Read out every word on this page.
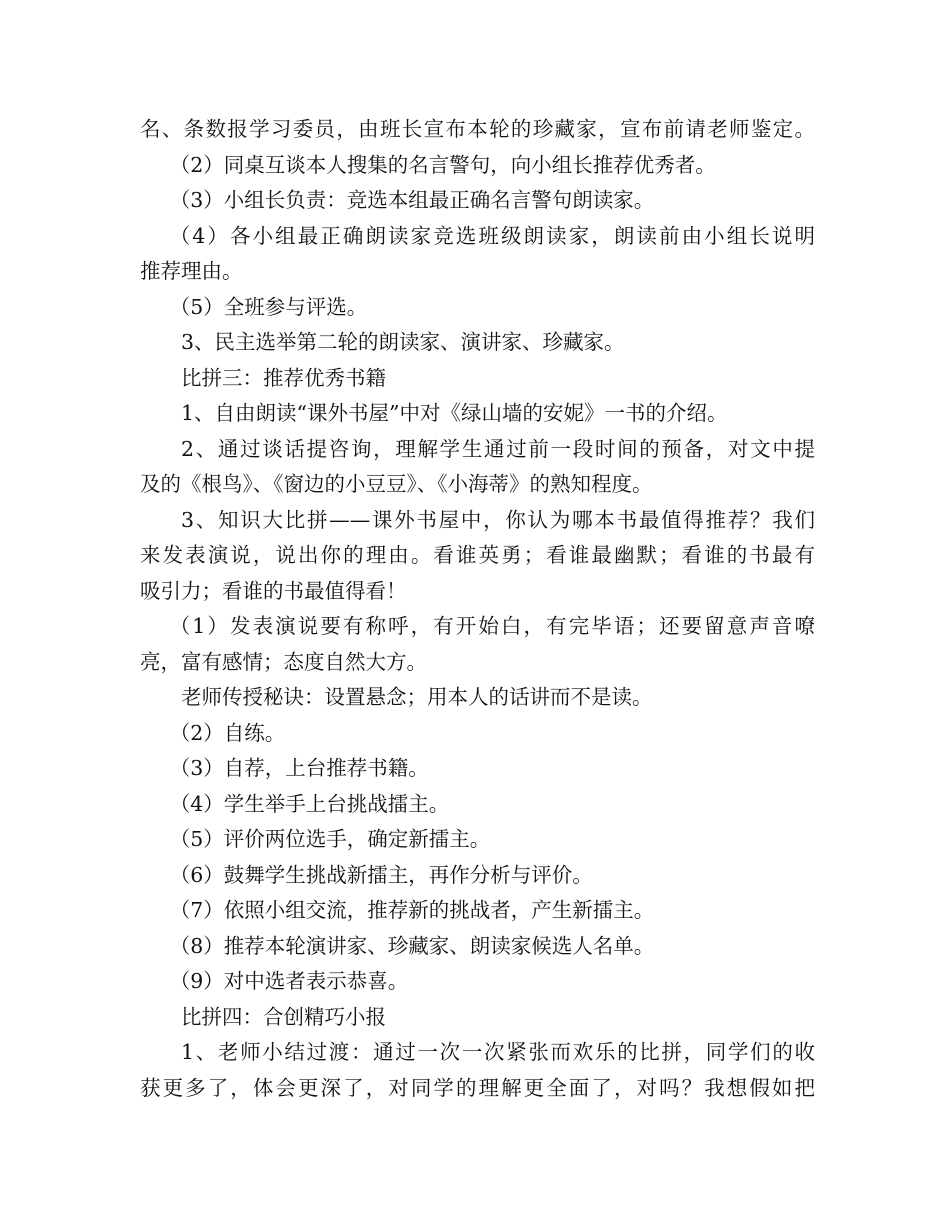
名、条数报学习委员，由班长宣布本轮的珍藏家，宣布前请老师鉴定。

（2）同桌互谈本人搜集的名言警句，向小组长推荐优秀者。

（3）小组长负责：竞选本组最正确名言警句朗读家。

（4）各小组最正确朗读家竞选班级朗读家，朗读前由小组长说明

推荐理由。

（5）全班参与评选。

3、民主选举第二轮的朗读家、演讲家、珍藏家。

比拼三：推荐优秀书籍

1、自由朗读“课外书屋”中对《绿山墙的安妮》一书的介绍。

2、通过谈话提咨询，理解学生通过前一段时间的预备，对文中提

及的《根鸟》、《窗边的小豆豆》、《小海蒂》的熟知程度。

3、知识大比拼——课外书屋中，你认为哪本书最值得推荐？我们

来发表演说，说出你的理由。看谁英勇；看谁最幽默；看谁的书最有

吸引力；看谁的书最值得看！

（1）发表演说要有称呼，有开始白，有完毕语；还要留意声音嘹

亮，富有感情；态度自然大方。

老师传授秘诀：设置悬念；用本人的话讲而不是读。

（2）自练。

（3）自荐，上台推荐书籍。

（4）学生举手上台挑战擂主。

（5）评价两位选手，确定新擂主。

（6）鼓舞学生挑战新擂主，再作分析与评价。

（7）依照小组交流，推荐新的挑战者，产生新擂主。

（8）推荐本轮演讲家、珍藏家、朗读家候选人名单。

（9）对中选者表示恭喜。

比拼四：合创精巧小报

1、老师小结过渡：通过一次一次紧张而欢乐的比拼，同学们的收

获更多了，体会更深了，对同学的理解更全面了，对吗？我想假如把
